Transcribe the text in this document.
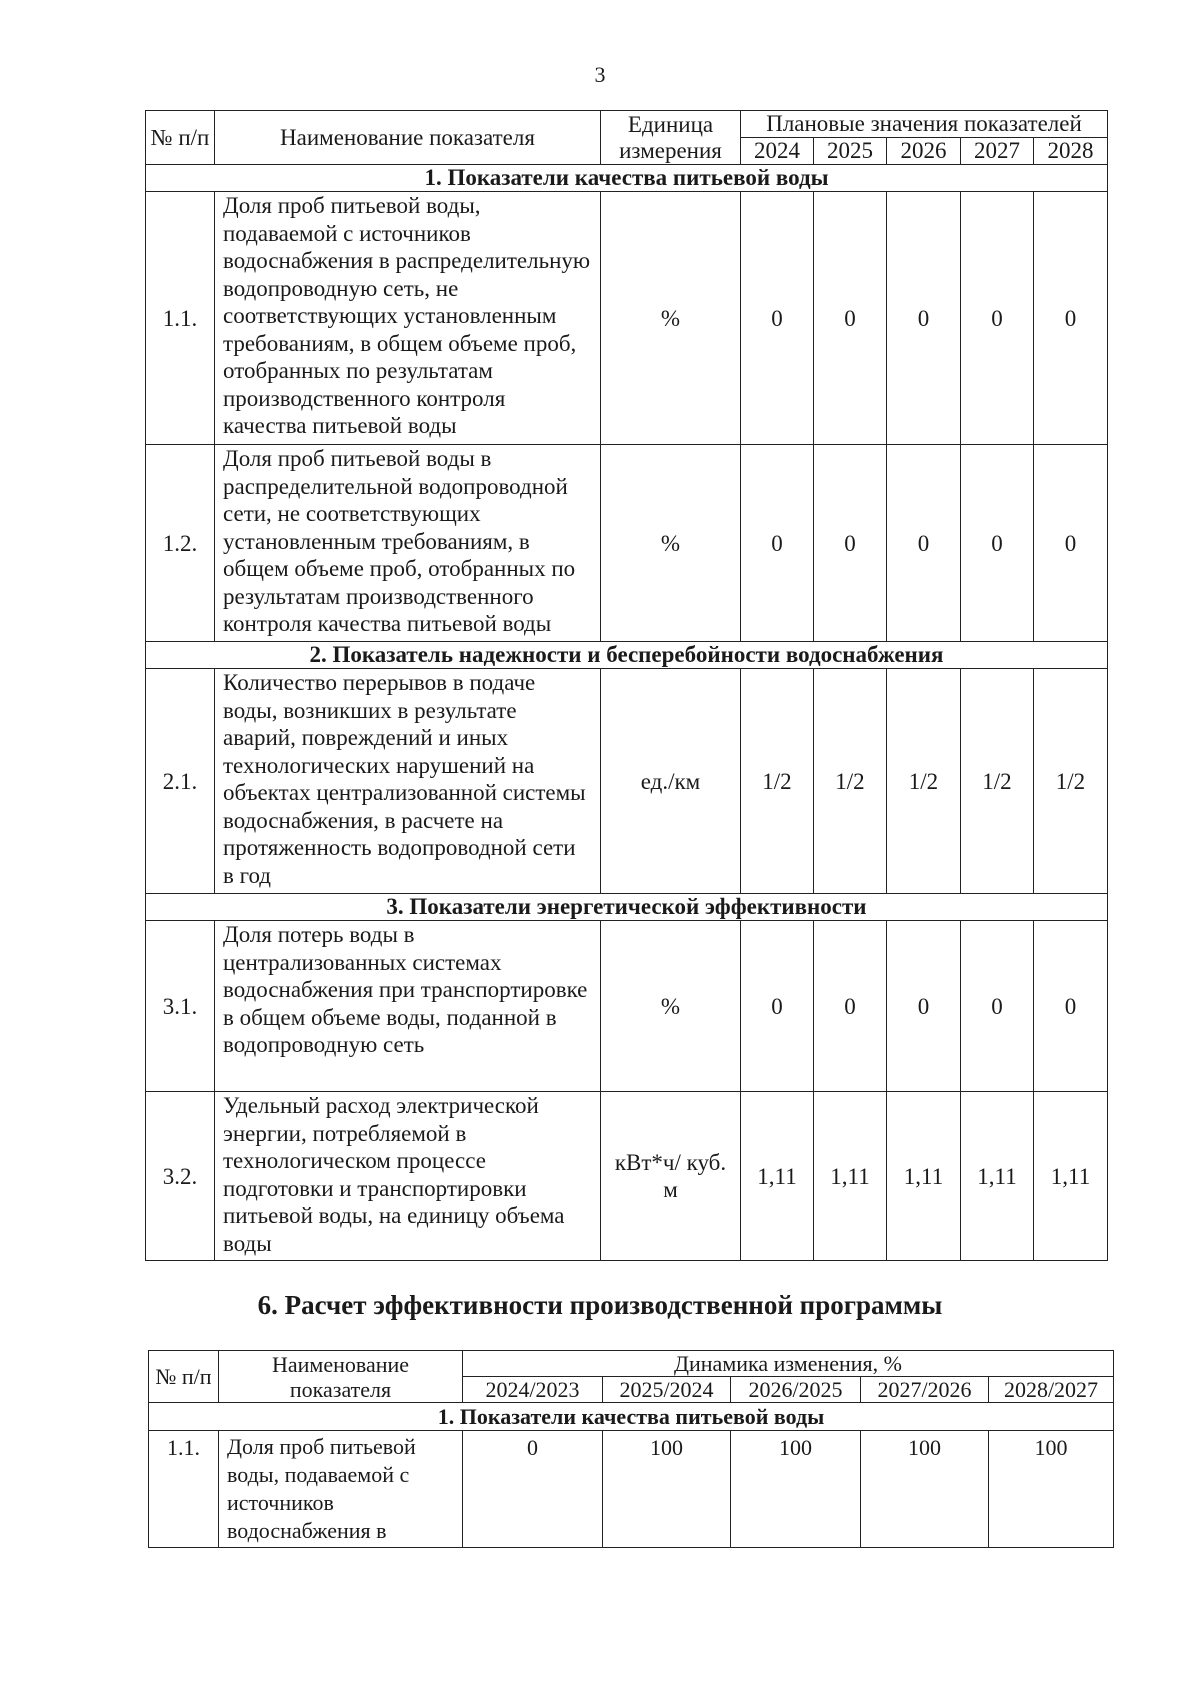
3
№ п/п	Наименование показателя	Единица измерения	Плановые значения показателей				
			2024	2025	2026	2027	2028
1. Показатели качества питьевой воды							
1.1.	Доля проб питьевой воды, подаваемой с источников водоснабжения в распределительную водопроводную сеть, не соответствующих установленным требованиям, в общем объеме проб, отобранных по результатам производственного контроля качества питьевой воды	%	0	0	0	0	0
1.2.	Доля проб питьевой воды в распределительной водопроводной сети, не соответствующих установленным требованиям, в общем объеме проб, отобранных по результатам производственного контроля качества питьевой воды	%	0	0	0	0	0
2. Показатель надежности и бесперебойности водоснабжения							
2.1.	Количество перерывов в подаче воды, возникших в результате аварий, повреждений и иных технологических нарушений на объектах централизованной системы водоснабжения, в расчете на протяженность водопроводной сети в год	ед./км	1/2	1/2	1/2	1/2	1/2
3. Показатели энергетической эффективности							
3.1.	Доля потерь воды в централизованных системах водоснабжения при транспортировке в общем объеме воды, поданной в водопроводную сеть	%	0	0	0	0	0
3.2.	Удельный расход электрической энергии, потребляемой в технологическом процессе подготовки и транспортировки питьевой воды, на единицу объема воды	кВт*ч/ куб. м	1,11	1,11	1,11	1,11	1,11
6. Расчет эффективности производственной программы
№ п/п	Наименование показателя	Динамика изменения, %				
		2024/2023	2025/2024	2026/2025	2027/2026	2028/2027
1. Показатели качества питьевой воды						
1.1.	Доля проб питьевой воды, подаваемой с источников водоснабжения в	0	100	100	100	100
